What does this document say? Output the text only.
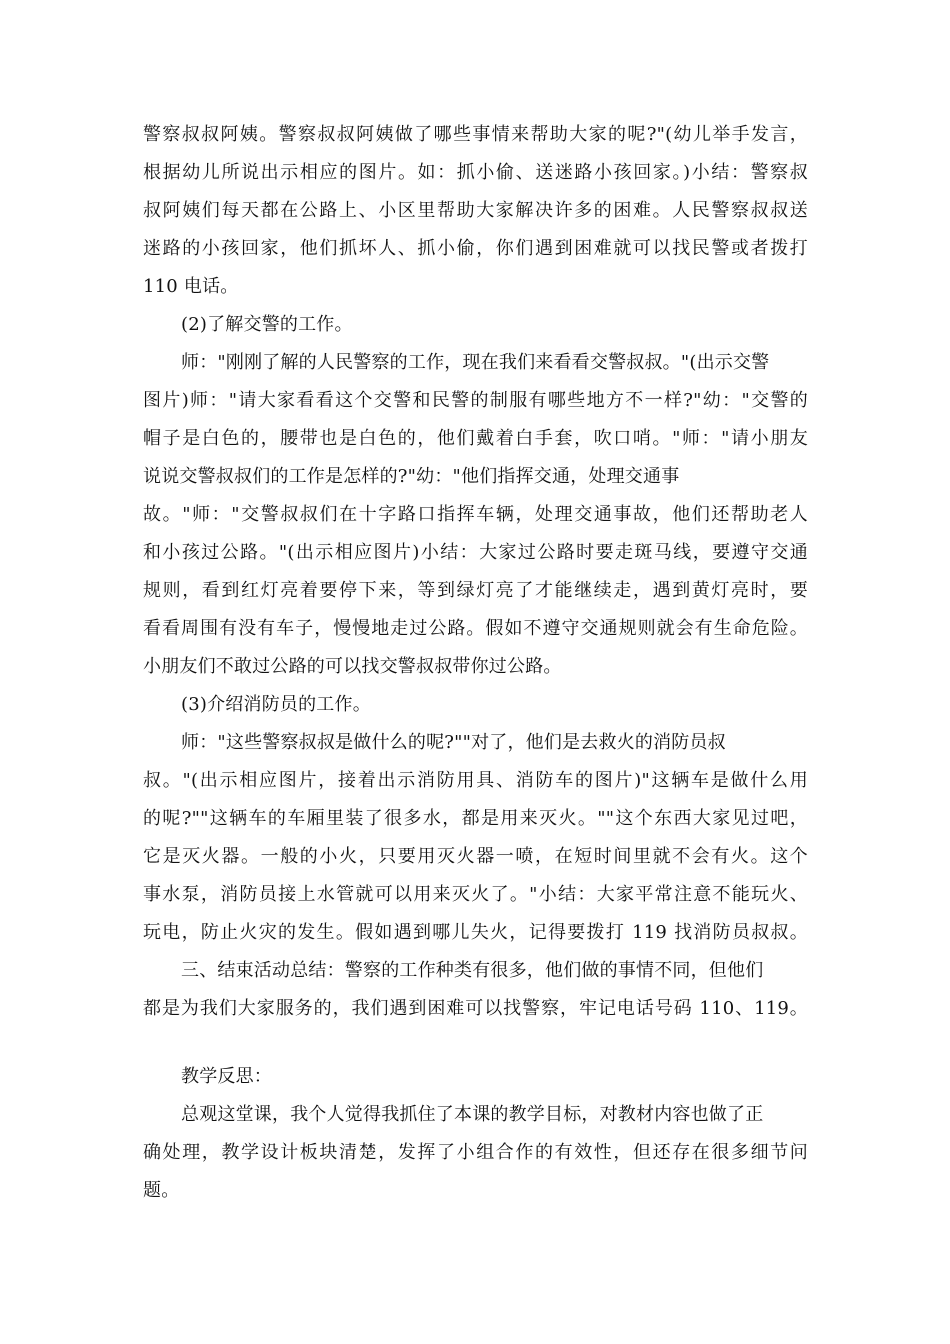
警察叔叔阿姨。警察叔叔阿姨做了哪些事情来帮助大家的呢?"(幼儿举手发言，
根据幼儿所说出示相应的图片。如：抓小偷、送迷路小孩回家。)小结：警察叔
叔阿姨们每天都在公路上、小区里帮助大家解决许多的困难。人民警察叔叔送
迷路的小孩回家，他们抓坏人、抓小偷，你们遇到困难就可以找民警或者拨打
110 电话。
(2)了解交警的工作。
师："刚刚了解的人民警察的工作，现在我们来看看交警叔叔。"(出示交警
图片)师："请大家看看这个交警和民警的制服有哪些地方不一样?"幼："交警的
帽子是白色的，腰带也是白色的，他们戴着白手套，吹口哨。"师："请小朋友
说说交警叔叔们的工作是怎样的?"幼："他们指挥交通，处理交通事
故。"师："交警叔叔们在十字路口指挥车辆，处理交通事故，他们还帮助老人
和小孩过公路。"(出示相应图片)小结：大家过公路时要走斑马线，要遵守交通
规则，看到红灯亮着要停下来，等到绿灯亮了才能继续走，遇到黄灯亮时，要
看看周围有没有车子，慢慢地走过公路。假如不遵守交通规则就会有生命危险。
小朋友们不敢过公路的可以找交警叔叔带你过公路。
(3)介绍消防员的工作。
师："这些警察叔叔是做什么的呢?""对了，他们是去救火的消防员叔
叔。"(出示相应图片，接着出示消防用具、消防车的图片)"这辆车是做什么用
的呢?""这辆车的车厢里装了很多水，都是用来灭火。""这个东西大家见过吧，
它是灭火器。一般的小火，只要用灭火器一喷，在短时间里就不会有火。这个
事水泵，消防员接上水管就可以用来灭火了。"小结：大家平常注意不能玩火、
玩电，防止火灾的发生。假如遇到哪儿失火，记得要拨打 119 找消防员叔叔。
三、结束活动总结：警察的工作种类有很多，他们做的事情不同，但他们
都是为我们大家服务的，我们遇到困难可以找警察，牢记电话号码 110、119。
教学反思：
总观这堂课，我个人觉得我抓住了本课的教学目标，对教材内容也做了正
确处理，教学设计板块清楚，发挥了小组合作的有效性，但还存在很多细节问
题。
